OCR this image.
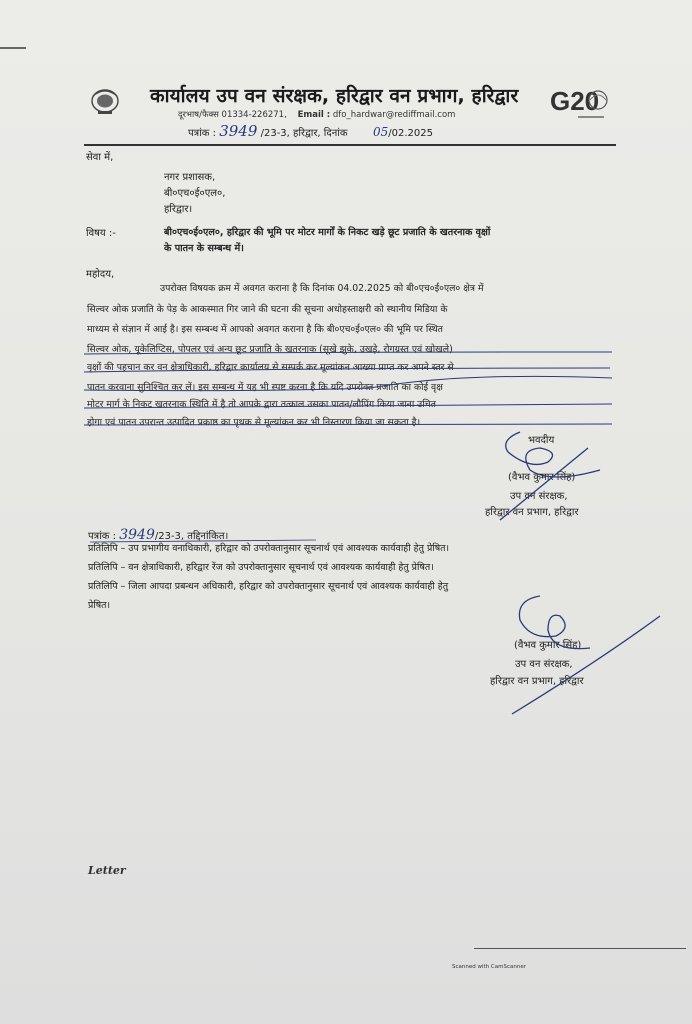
कार्यालय उप वन संरक्षक, हरिद्वार वन प्रभाग, हरिद्वार G20
दूरभाष/फैक्स 01334-226271, Email : dfo_hardwar@rediffmail.com
पत्रांक : 3949 /23-3, हरिद्वार, दिनांक 05/02.2025
सेवा में,
नगर प्रशासक,
बी०एच०ई०एल०,
हरिद्वार।
विषय :-	बी०एच०ई०एल०, हरिद्वार की भूमि पर मोटर मार्गों के निकट खड़े छूट प्रजाति के खतरनाक वृक्षों
के पातन के सम्बन्ध में।
महोदय,
उपरोक्त विषयक क्रम में अवगत कराना है कि दिनांक 04.02.2025 को बी०एच०ई०एल० क्षेत्र में
सिल्वर ओक प्रजाति के पेड़ के आकस्मात गिर जाने की घटना की सूचना अधोहस्ताक्षरी को स्थानीय मिडिया के
माध्यम से संज्ञान में आई है। इस सम्बन्ध में आपको अवगत कराना है कि बी०एच०ई०एल० की भूमि पर स्थित
सिल्वर ओक, यूकेलिप्टिस, पोपलर एवं अन्य छूट प्रजाति के खतरनाक (सूखे झुके, उखड़े, रोगग्रस्त एवं खोखले)
वृक्षों की पहचान कर वन क्षेत्राधिकारी, हरिद्वार कार्यालय से सम्पर्क कर मूल्यांकन आख्या प्राप्त कर अपने स्तर से
पातन करवाना सुनिश्चित कर लें। इस सम्बन्ध में यह भी स्पष्ट करना है कि यदि उपरोक्त प्रजाति का कोई वृक्ष
मोटर मार्ग के निकट खतरनाक स्थिति में है तो आपके द्वारा तत्काल उसका पातन/लौपिंग किया जाना उचित
होगा एवं पातन उपरान्त उत्पादित प्रकाष्ठ का पृथक से मूल्यांकन कर भी निस्तारण किया जा सकता है।
भवदीय
(वैभव कुमार सिंह)
उप वन संरक्षक,
हरिद्वार वन प्रभाग, हरिद्वार
पत्रांक : 3949/23-3, तद्दिनांकित।
प्रतिलिपि – उप प्रभागीय वनाधिकारी, हरिद्वार को उपरोक्तानुसार सूचनार्थ एवं आवश्यक कार्यवाही हेतु प्रेषित।
प्रतिलिपि – वन क्षेत्राधिकारी, हरिद्वार रेंज को उपरोक्तानुसार सूचनार्थ एवं आवश्यक कार्यवाही हेतु प्रेषित।
प्रतिलिपि – जिला आपदा प्रबन्धन अधिकारी, हरिद्वार को उपरोक्तानुसार सूचनार्थ एवं आवश्यक कार्यवाही हेतु
प्रेषित।
(वैभव कुमार सिंह)
उप वन संरक्षक,
हरिद्वार वन प्रभाग, हरिद्वार
Letter
Scanned with CamScanner
